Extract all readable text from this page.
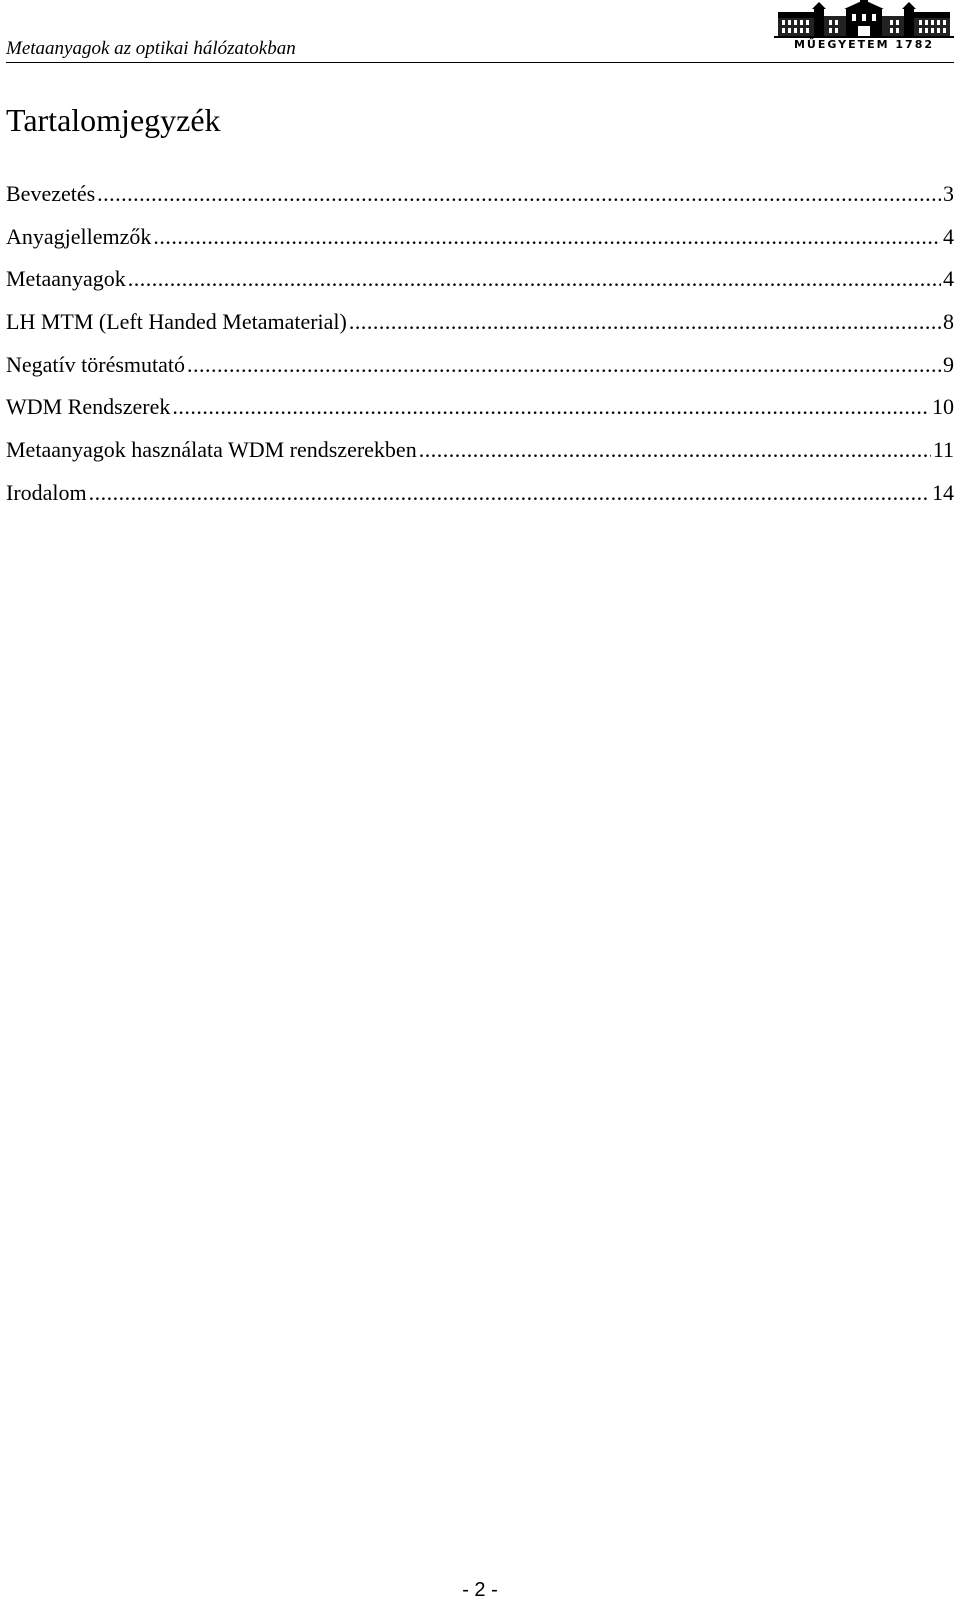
Metaanyagok az optikai hálózatokban	MŰEGYETEM 1782
Tartalomjegyzék
Bevezetés .....	3
Anyagjellemzők .....	4
Metaanyagok .....	4
LH MTM (Left Handed Metamaterial) .....	8
Negatív törésmutató .....	9
WDM Rendszerek .....	10
Metaanyagok használata WDM rendszerekben .....	11
Irodalom .....	14
- 2 -
